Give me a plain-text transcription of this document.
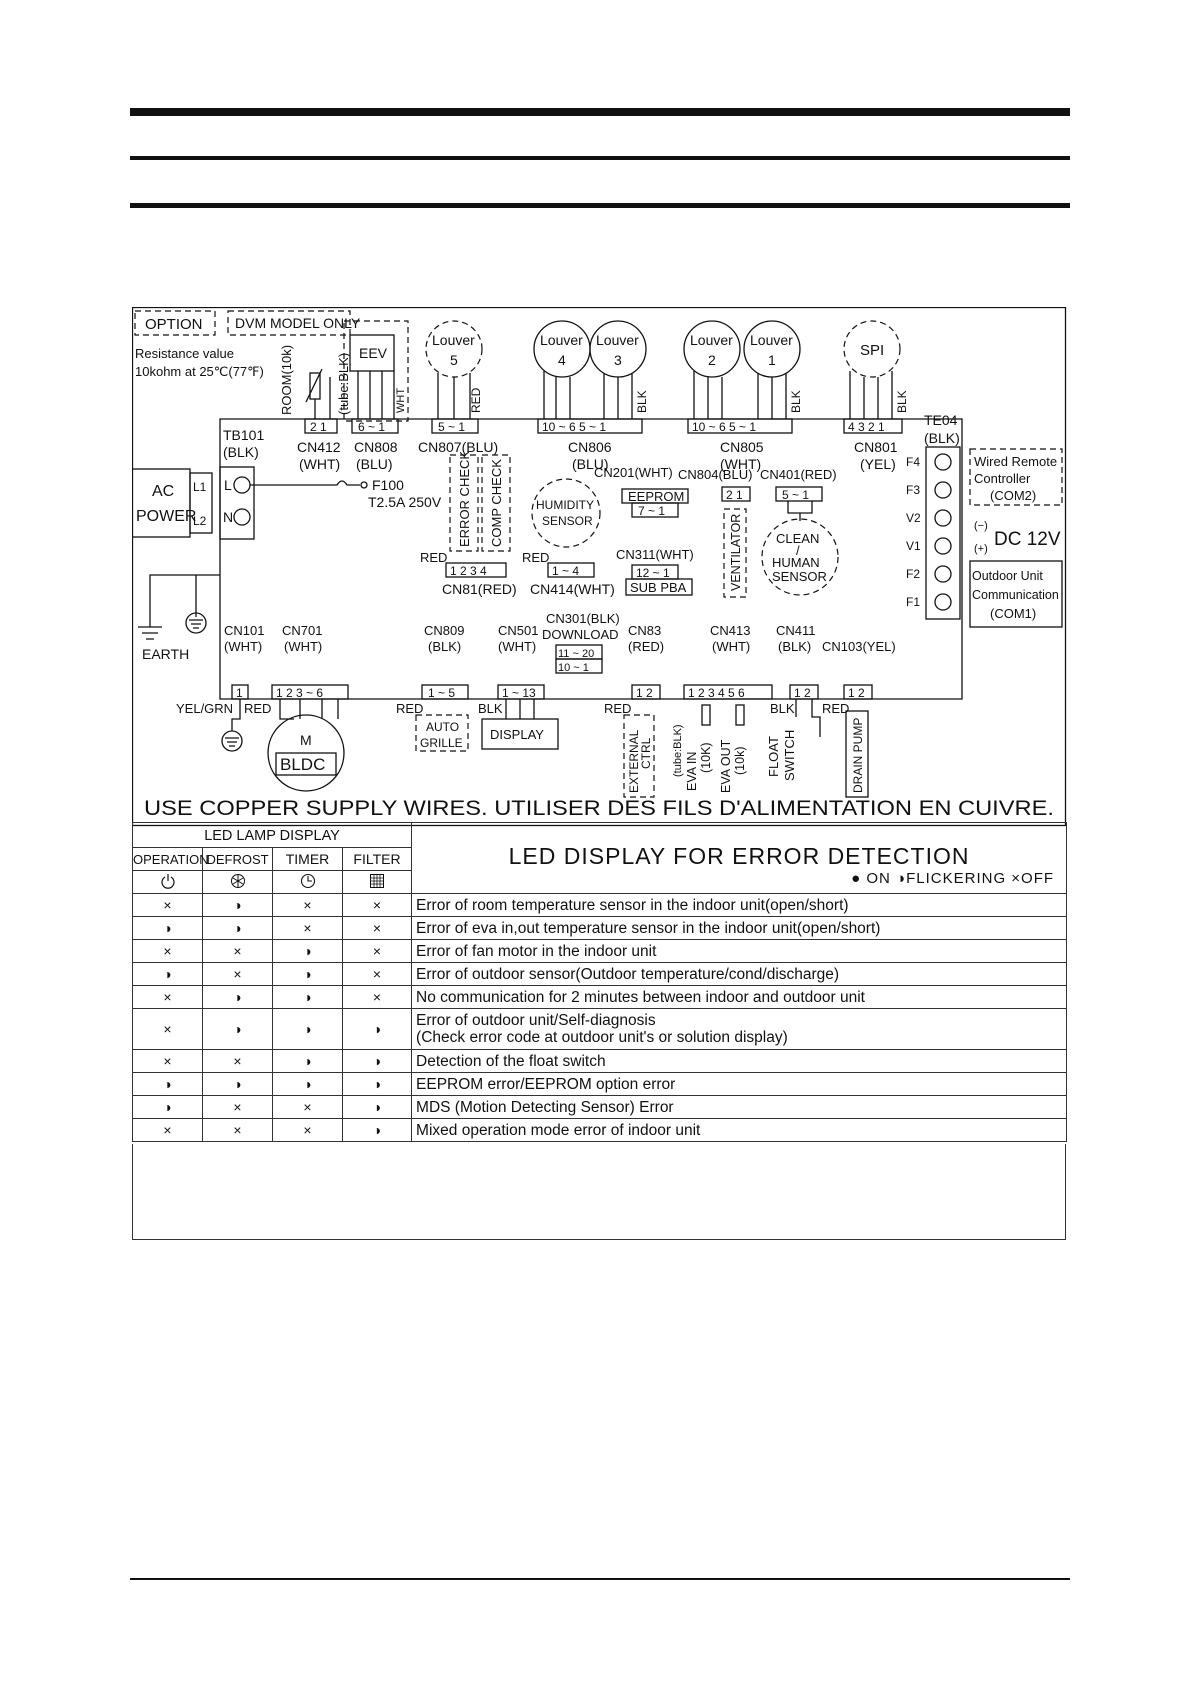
OPTION DVM MODEL ONLY
Resistance value
10kohm at 25℃(77℉) ROOM(10k)	(tube:BLK)
2 1
CN412
(WHT)
EEV
WHT
6 ~ 1
CN808
(BLU)
Louver
5
RED
5 ~ 1
CN807(BLU)
Louver
4
Louver
3
BLK
10 ~ 6 5 ~ 1
CN806
(BLU)
Louver
2
Louver
1
BLK
10 ~ 6 5 ~ 1
CN805
(WHT)
SPI
BLK
4 3 2 1
CN801
(YEL)
TE04
(BLK)
F4
F3
V2
V1
F2
F1
Wired Remote
Controller
(COM2)
(−)
(+) DC 12V
Outdoor Unit
Communication
(COM1)
TB101
(BLK)
L
N
AC
POWER
L1
L2
F100
T2.5A 250V ERROR CHECK COMP CHECK
RED
1 2 3 4
CN81(RED)
HUMIDITY
SENSOR
RED
1 ~ 4
CN414(WHT)
CN201(WHT) CN804(BLU) CN401(RED)
EEPROM
7 ~ 1
2 1
VENTILATOR
5 ~ 1
CLEAN
/
HUMAN
SENSOR
CN311(WHT)
12 ~ 1
SUB PBA
EARTH
CN101
(WHT)
1
CN701
(WHT)
1 2 3 ~ 6
YEL/GRN RED
M
BLDC
CN809
(BLK)
1 ~ 5
RED
AUTO
GRILLE
CN501
(WHT)
1 ~ 13
BLK
DISPLAY
CN301(BLK)
DOWNLOAD
11 ~ 20
10 ~ 1
CN83
(RED)
1 2
RED
EXTERNAL
CTRL
CN413
(WHT)
1 2 3 4 5 6
(tube:BLK) EVA IN (10K) EVA OUT (10k)
CN411
(BLK)
1 2
BLK RED
FLOAT SWITCH
CN103(YEL)
1 2
DRAIN PUMP
USE COPPER SUPPLY WIRES. UTILISER DES FILS D'ALIMENTATION EN CUIVRE.
LED LAMP DISPLAY				LED DISPLAY FOR ERROR DETECTION
● ON ◑FLICKERING ×OFF

OPERATION	DEFROST	TIMER	FILTER	

×	◑	×	×	Error of room temperature sensor in the indoor unit(open/short)
◑	◑	×	×	Error of eva in,out temperature sensor in the indoor unit(open/short)
×	×	◑	×	Error of fan motor in the indoor unit
◑	×	◑	×	Error of outdoor sensor(Outdoor temperature/cond/discharge)
×	◑	◑	×	No communication for 2 minutes between indoor and outdoor unit
×	◑	◑	◑	Error of outdoor unit/Self-diagnosis
(Check error code at outdoor unit's or solution display)
×	×	◑	◑	Detection of the float switch
◑	◑	◑	◑	EEPROM error/EEPROM option error
◑	×	×	◑	MDS (Motion Detecting Sensor) Error
×	×	×	◑	Mixed operation mode error of indoor unit
